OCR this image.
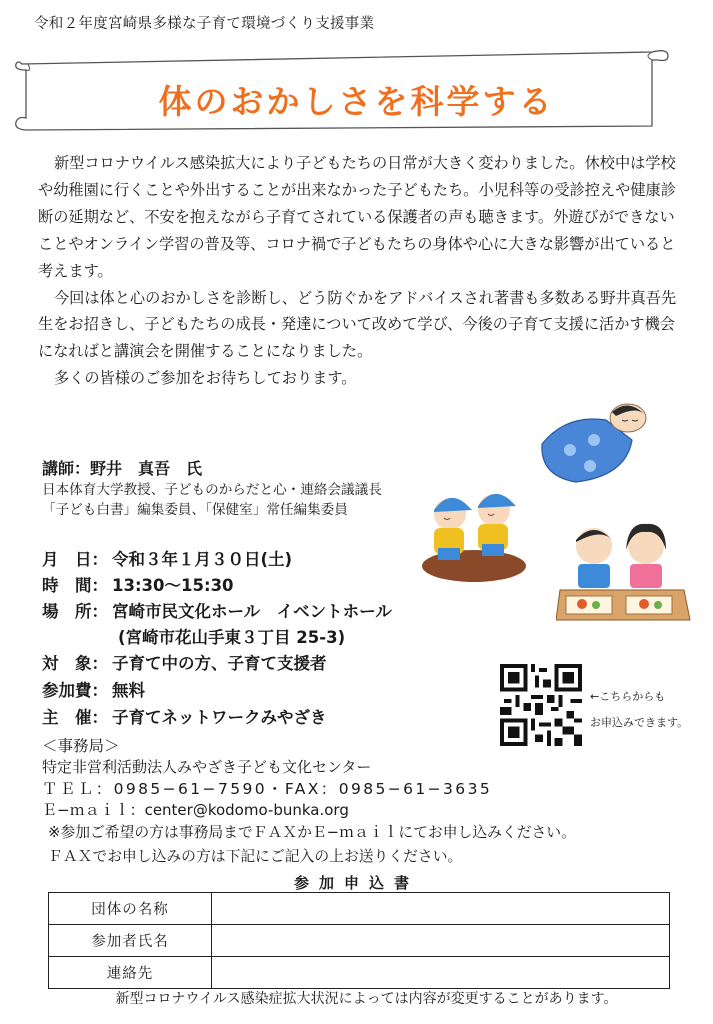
令和２年度宮崎県多様な子育て環境づくり支援事業
体のおかしさを科学する

新型コロナウイルス感染拡大により子どもたちの日常が大きく変わりました。休校中は学校や幼稚園に行くことや外出することが出来なかった子どもたち。小児科等の受診控えや健康診断の延期など、不安を抱えながら子育てされている保護者の声も聴きます。外遊びができないことやオンライン学習の普及等、コロナ禍で子どもたちの身体や心に大きな影響が出ていると考えます。

今回は体と心のおかしさを診断し、どう防ぐかをアドバイスされ著書も多数ある野井真吾先生をお招きし、子どもたちの成長・発達について改めて学び、今後の子育て支援に活かす機会になればと講演会を開催することになりました。

多くの皆様のご参加をお待ちしております。

講師：野井　真吾　氏
日本体育大学教授、子どものからだと心・連絡会議議長
「子ども白書」編集委員、「保健室」常任編集委員
月　日： 令和３年１月３０日(土)
時　間： 13:30〜15:30
場　所： 宮崎市民文化ホール　イベントホール
(宮崎市花山手東３丁目 25-3)
対　象： 子育て中の方、子育て支援者
参加費： 無料
主　催： 子育てネットワークみやざき
←こちらからも
お申込みできます。
＜事務局＞
特定非営利活動法人みやざき子ども文化センター
ＴＥＬ：0985−61−7590・FAX：0985−61−3635
Ｅ−ｍａｉｌ：center@kodomo-bunka.org
※参加ご希望の方は事務局までＦＡＸかＥ−ｍａｉｌにてお申し込みください。
ＦＡＸでお申し込みの方は下記にご記入の上お送りください。
参加申込書
団体の名称	
参加者氏名	
連絡先	
新型コロナウイルス感染症拡大状況によっては内容が変更することがあります。
